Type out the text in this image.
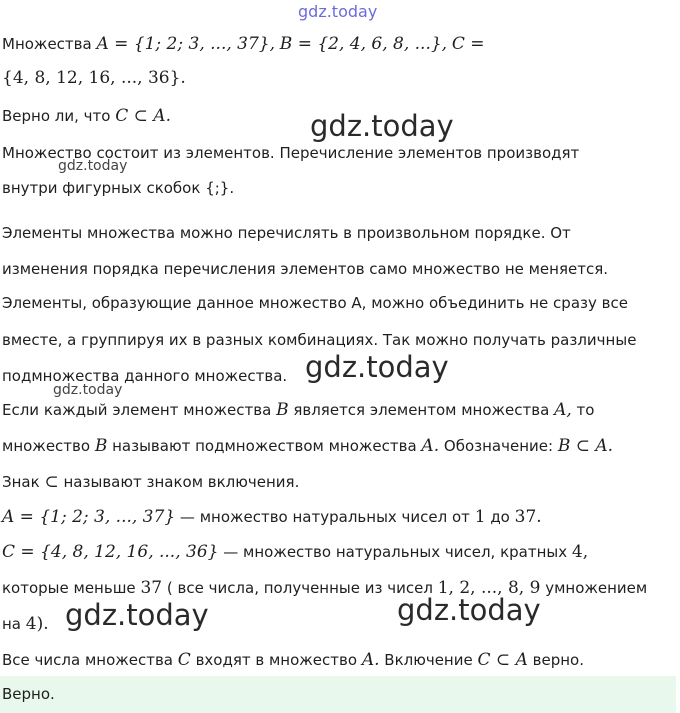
gdz.today
gdz.today
gdz.today
gdz.today
gdz.today
gdz.today	gdz.today
Множества A = {1; 2; 3, ..., 37}, B = {2, 4, 6, 8, ...}, C =
{4, 8, 12, 16, ..., 36}.
Верно ли, что C ⊂ A.
Множество состоит из элементов. Перечисление элементов производят
внутри фигурных скобок {;}.
Элементы множества можно перечислять в произвольном порядке. От
изменения порядка перечисления элементов само множество не меняется.
Элементы, образующие данное множество A, можно объединить не сразу все
вместе, а группируя их в разных комбинациях. Так можно получать различные
подмножества данного множества.
Если каждый элемент множества B является элементом множества A, то
множество B называют подмножеством множества A. Обозначение: B ⊂ A.
Знак ⊂ называют знаком включения.
A = {1; 2; 3, ..., 37} — множество натуральных чисел от 1 до 37.
C = {4, 8, 12, 16, ..., 36} — множество натуральных чисел, кратных 4,
которые меньше 37 ( все числа, полученные из чисел 1, 2, ..., 8, 9 умножением
на 4).
Все числа множества C входят в множество A. Включение C ⊂ A верно.
Верно.
